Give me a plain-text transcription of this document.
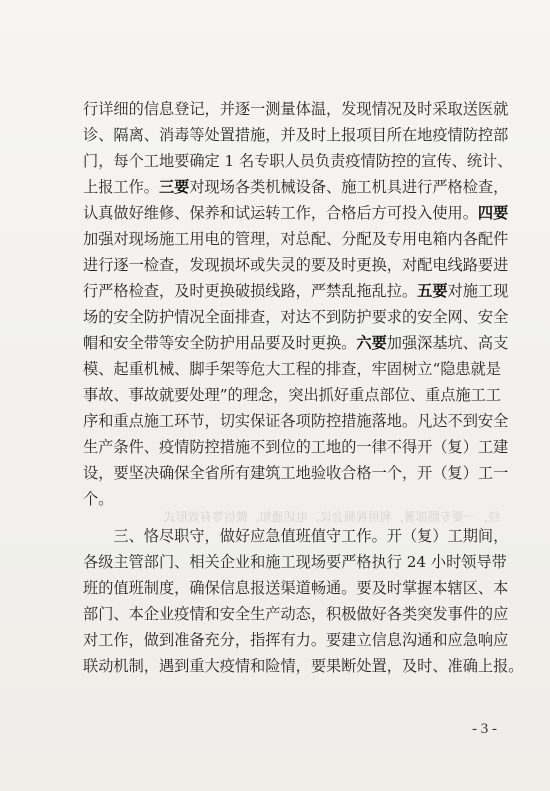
经，一要专题部署，利用视频会议、电话通知、微信等有效形式
行详细的信息登记，并逐一测量体温，发现情况及时采取送医就
诊、隔离、消毒等处置措施，并及时上报项目所在地疫情防控部
门，每个工地要确定 1 名专职人员负责疫情防控的宣传、统计、
上报工作。三要对现场各类机械设备、施工机具进行严格检查，
认真做好维修、保养和试运转工作，合格后方可投入使用。四要
加强对现场施工用电的管理，对总配、分配及专用电箱内各配件
进行逐一检查，发现损坏或失灵的要及时更换，对配电线路要进
行严格检查，及时更换破损线路，严禁乱拖乱拉。五要对施工现
场的安全防护情况全面排查，对达不到防护要求的安全网、安全
帽和安全带等安全防护用品要及时更换。六要加强深基坑、高支
模、起重机械、脚手架等危大工程的排查，牢固树立“隐患就是
事故、事故就要处理”的理念，突出抓好重点部位、重点施工工
序和重点施工环节，切实保证各项防控措施落地。凡达不到安全
生产条件、疫情防控措施不到位的工地的一律不得开（复）工建
设，要坚决确保全省所有建筑工地验收合格一个，开（复）工一
个。
　　三、恪尽职守，做好应急值班值守工作。开（复）工期间，
各级主管部门、相关企业和施工现场要严格执行 24 小时领导带
班的值班制度，确保信息报送渠道畅通。要及时掌握本辖区、本
部门、本企业疫情和安全生产动态，积极做好各类突发事件的应
对工作，做到准备充分，指挥有力。要建立信息沟通和应急响应
联动机制，遇到重大疫情和险情，要果断处置，及时、准确上报。
- 3 -
